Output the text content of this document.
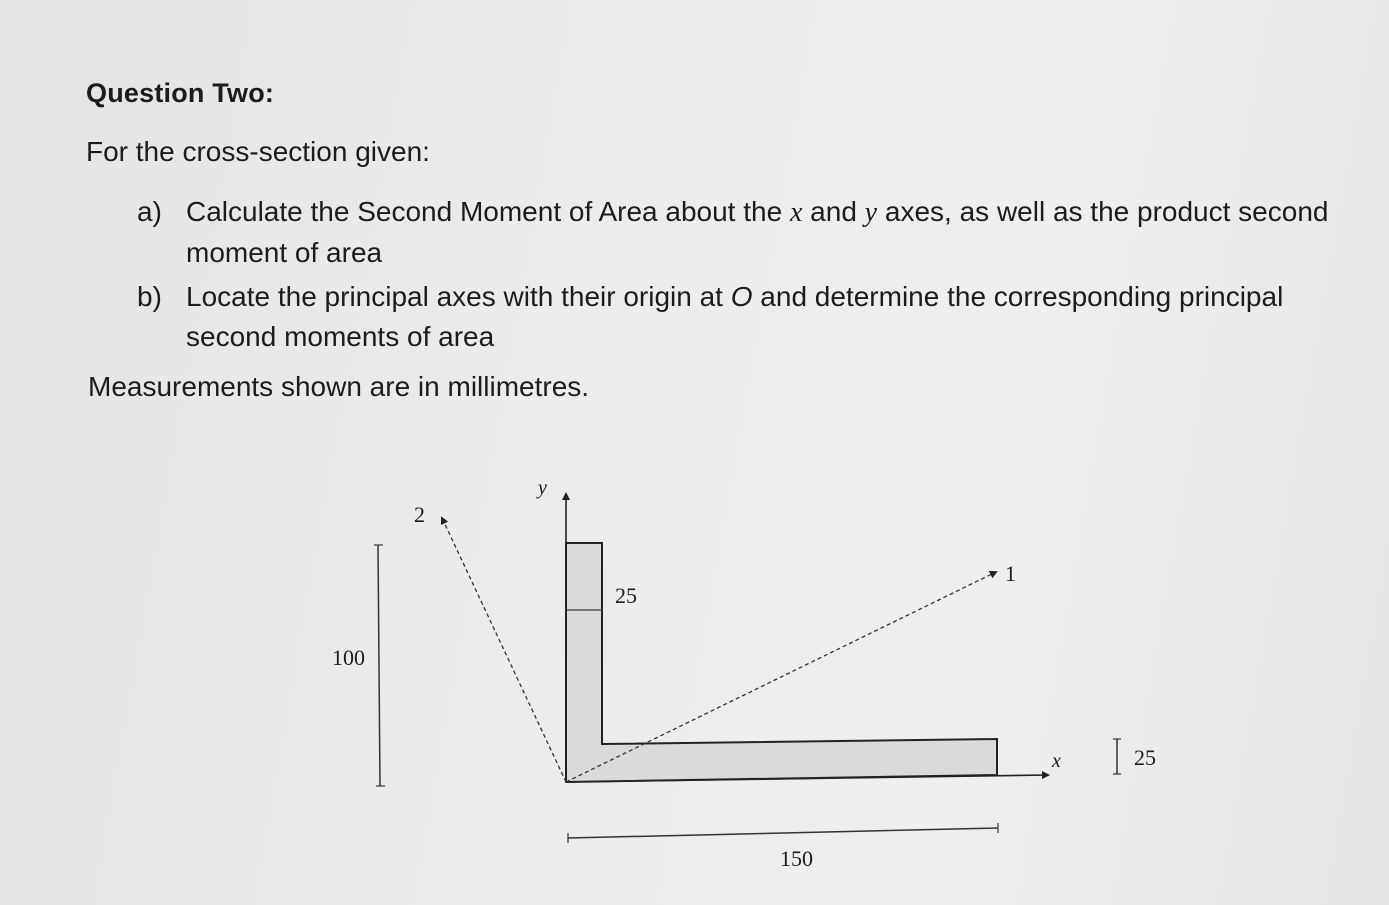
Question Two:
For the cross-section given:
a) Calculate the Second Moment of Area about the x and y axes, as well as the product second moment of area
b) Locate the principal axes with their origin at O and determine the corresponding principal second moments of area
Measurements shown are in millimetres.
y
x
1
2
100
150
25
25
